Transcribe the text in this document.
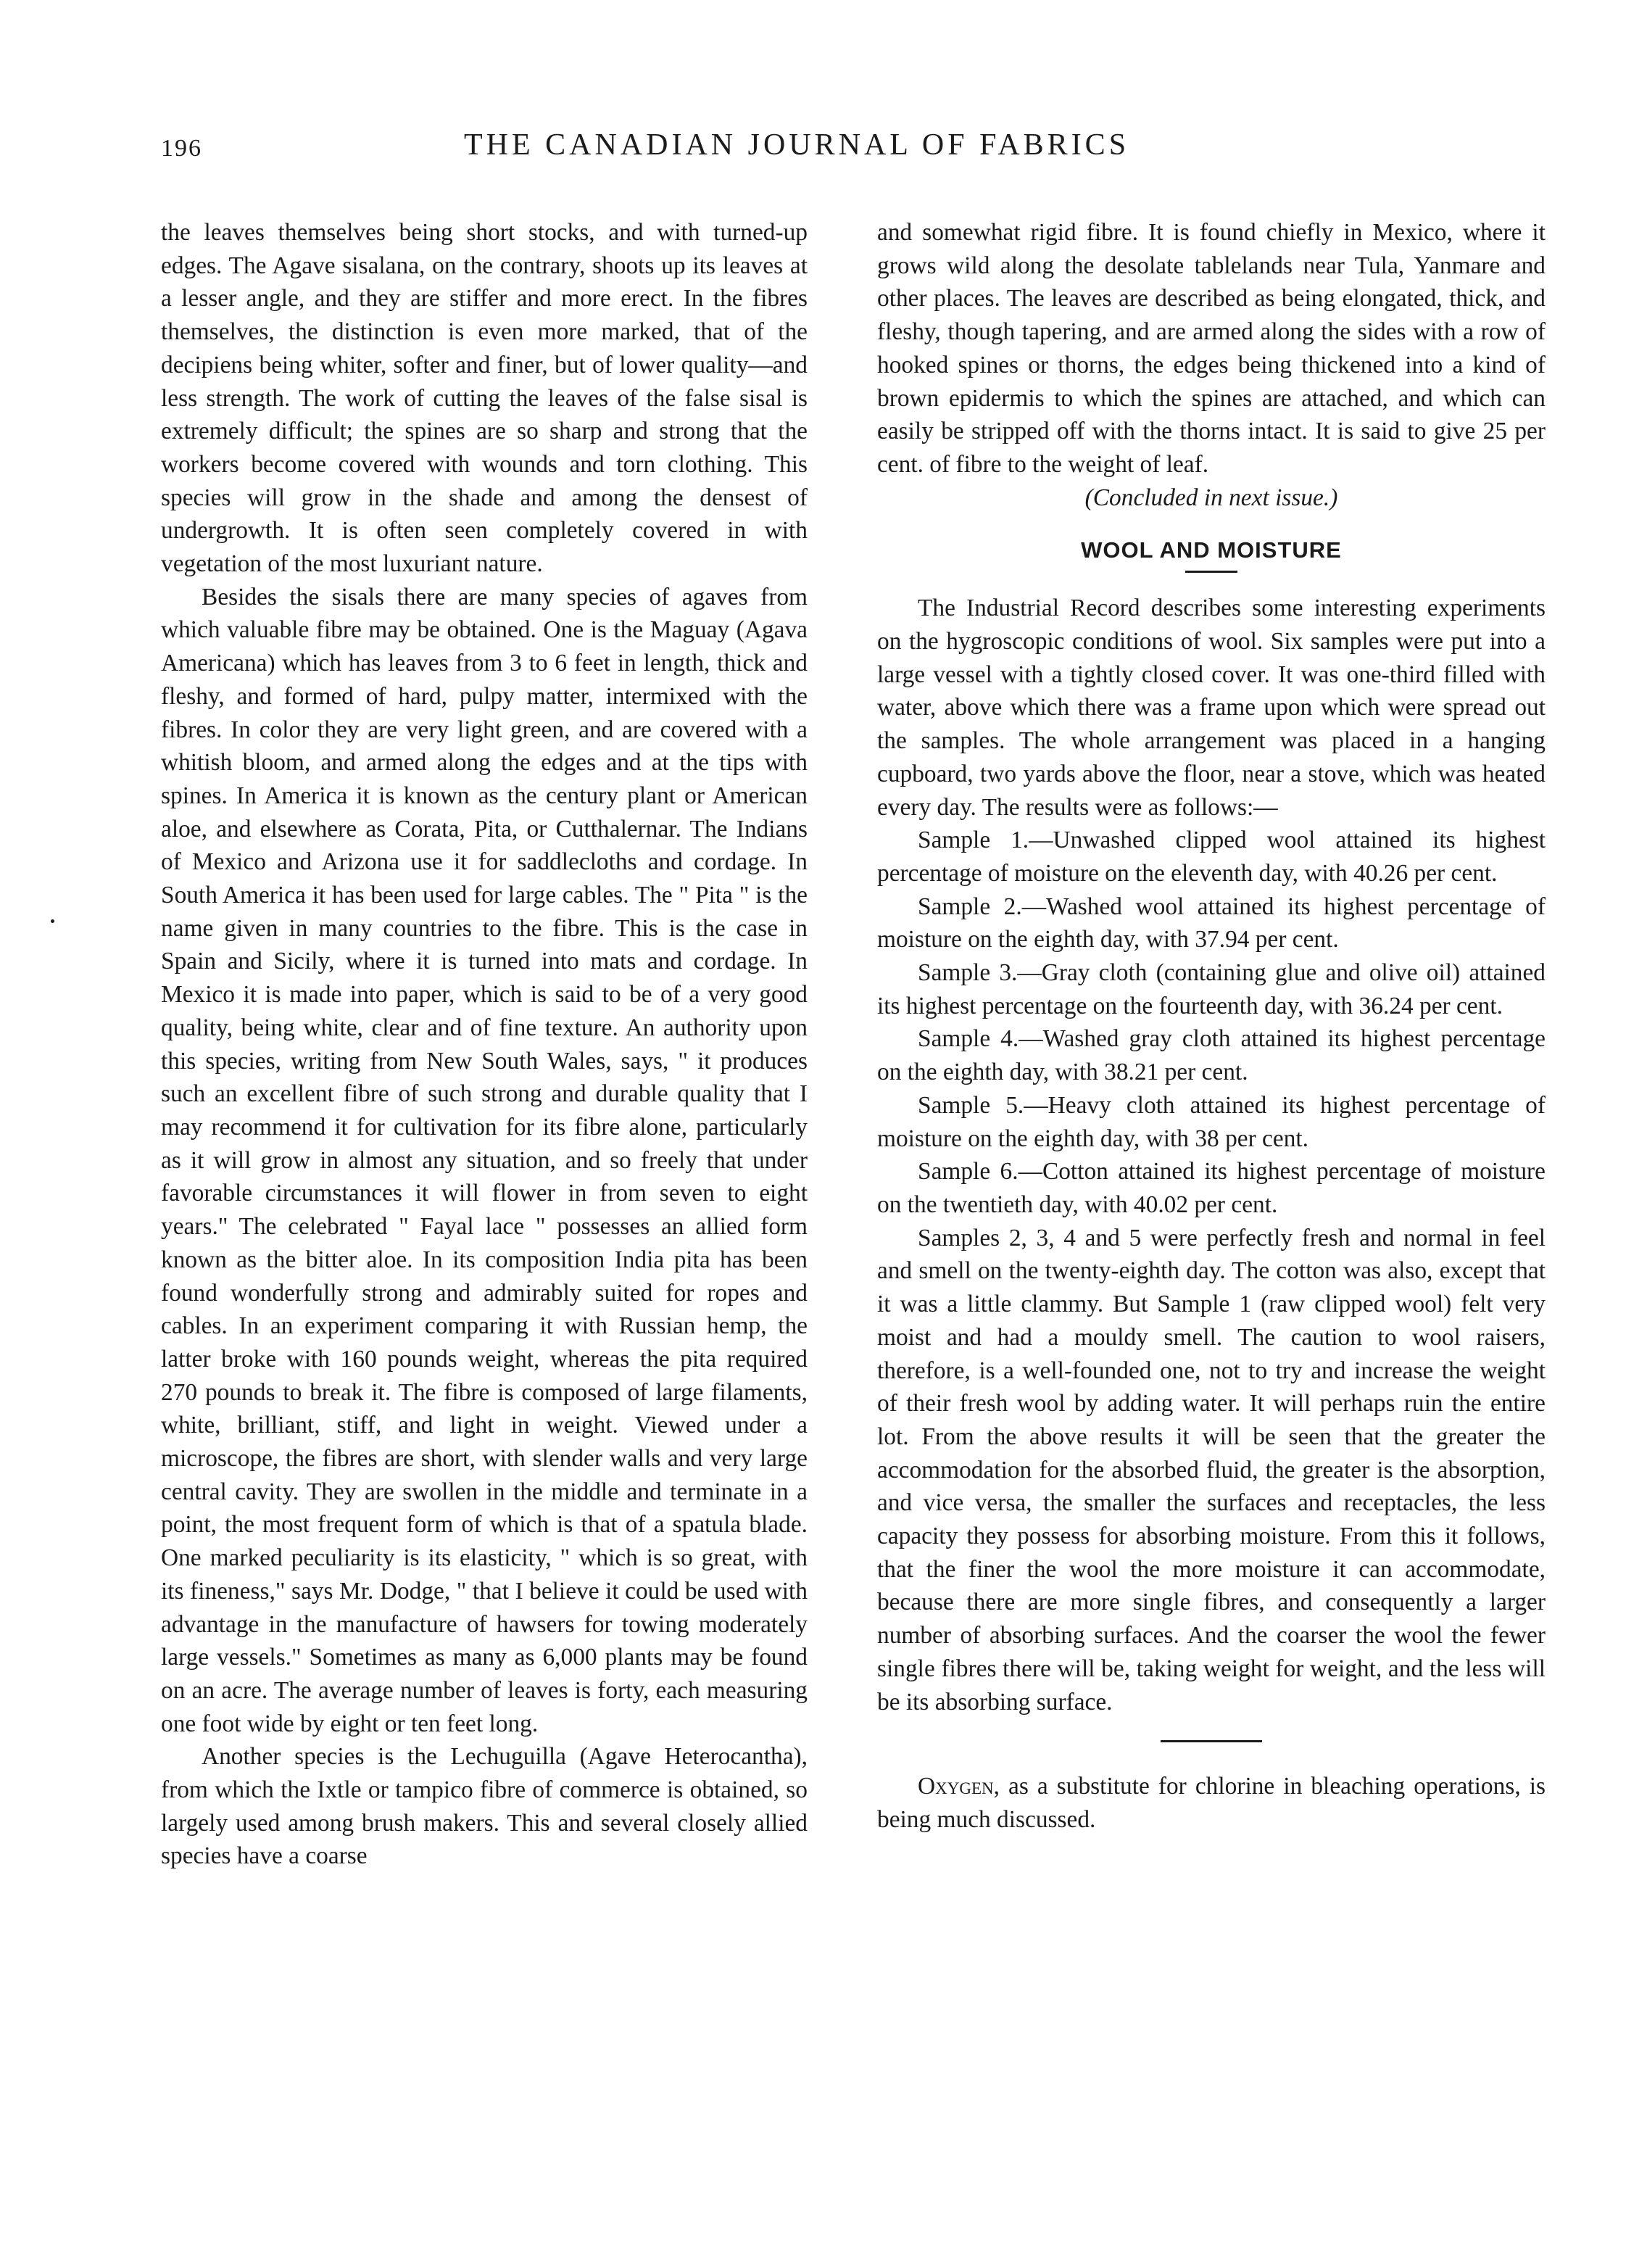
196	THE CANADIAN JOURNAL OF FABRICS

the leaves themselves being short stocks, and with turned-up edges. The Agave sisalana, on the contrary, shoots up its leaves at a lesser angle, and they are stiffer and more erect. In the fibres themselves, the distinction is even more marked, that of the decipiens being whiter, softer and finer, but of lower quality—and less strength. The work of cutting the leaves of the false sisal is extremely difficult; the spines are so sharp and strong that the workers become covered with wounds and torn clothing. This species will grow in the shade and among the densest of undergrowth. It is often seen completely covered in with vegetation of the most luxuriant nature.

Besides the sisals there are many species of agaves from which valuable fibre may be obtained. One is the Maguay (Agava Americana) which has leaves from 3 to 6 feet in length, thick and fleshy, and formed of hard, pulpy matter, intermixed with the fibres. In color they are very light green, and are covered with a whitish bloom, and armed along the edges and at the tips with spines. In America it is known as the century plant or American aloe, and elsewhere as Corata, Pita, or Cutthalernar. The Indians of Mexico and Arizona use it for saddlecloths and cordage. In South America it has been used for large cables. The " Pita " is the name given in many countries to the fibre. This is the case in Spain and Sicily, where it is turned into mats and cordage. In Mexico it is made into paper, which is said to be of a very good quality, being white, clear and of fine texture. An authority upon this species, writing from New South Wales, says, " it produces such an excellent fibre of such strong and durable quality that I may recommend it for cultivation for its fibre alone, particularly as it will grow in almost any situation, and so freely that under favorable circumstances it will flower in from seven to eight years." The celebrated " Fayal lace " possesses an allied form known as the bitter aloe. In its composition India pita has been found wonderfully strong and admirably suited for ropes and cables. In an experiment comparing it with Russian hemp, the latter broke with 160 pounds weight, whereas the pita required 270 pounds to break it. The fibre is composed of large filaments, white, brilliant, stiff, and light in weight. Viewed under a microscope, the fibres are short, with slender walls and very large central cavity. They are swollen in the middle and terminate in a point, the most frequent form of which is that of a spatula blade. One marked peculiarity is its elasticity, " which is so great, with its fineness," says Mr. Dodge, " that I believe it could be used with advantage in the manufacture of hawsers for towing moderately large vessels." Sometimes as many as 6,000 plants may be found on an acre. The average number of leaves is forty, each measuring one foot wide by eight or ten feet long.

Another species is the Lechuguilla (Agave Heterocantha), from which the Ixtle or tampico fibre of commerce is obtained, so largely used among brush makers. This and several closely allied species have a coarse

and somewhat rigid fibre. It is found chiefly in Mexico, where it grows wild along the desolate tablelands near Tula, Yanmare and other places. The leaves are described as being elongated, thick, and fleshy, though tapering, and are armed along the sides with a row of hooked spines or thorns, the edges being thickened into a kind of brown epidermis to which the spines are attached, and which can easily be stripped off with the thorns intact. It is said to give 25 per cent. of fibre to the weight of leaf.

(Concluded in next issue.)

WOOL AND MOISTURE

The Industrial Record describes some interesting experiments on the hygroscopic conditions of wool. Six samples were put into a large vessel with a tightly closed cover. It was one-third filled with water, above which there was a frame upon which were spread out the samples. The whole arrangement was placed in a hanging cupboard, two yards above the floor, near a stove, which was heated every day. The results were as follows:—

Sample 1.—Unwashed clipped wool attained its highest percentage of moisture on the eleventh day, with 40.26 per cent.

Sample 2.—Washed wool attained its highest percentage of moisture on the eighth day, with 37.94 per cent.

Sample 3.—Gray cloth (containing glue and olive oil) attained its highest percentage on the fourteenth day, with 36.24 per cent.

Sample 4.—Washed gray cloth attained its highest percentage on the eighth day, with 38.21 per cent.

Sample 5.—Heavy cloth attained its highest percentage of moisture on the eighth day, with 38 per cent.

Sample 6.—Cotton attained its highest percentage of moisture on the twentieth day, with 40.02 per cent.

Samples 2, 3, 4 and 5 were perfectly fresh and normal in feel and smell on the twenty-eighth day. The cotton was also, except that it was a little clammy. But Sample 1 (raw clipped wool) felt very moist and had a mouldy smell. The caution to wool raisers, therefore, is a well-founded one, not to try and increase the weight of their fresh wool by adding water. It will perhaps ruin the entire lot. From the above results it will be seen that the greater the accommodation for the absorbed fluid, the greater is the absorption, and vice versa, the smaller the surfaces and receptacles, the less capacity they possess for absorbing moisture. From this it follows, that the finer the wool the more moisture it can accommodate, because there are more single fibres, and consequently a larger number of absorbing surfaces. And the coarser the wool the fewer single fibres there will be, taking weight for weight, and the less will be its absorbing surface.

Oxygen, as a substitute for chlorine in bleaching operations, is being much discussed.
